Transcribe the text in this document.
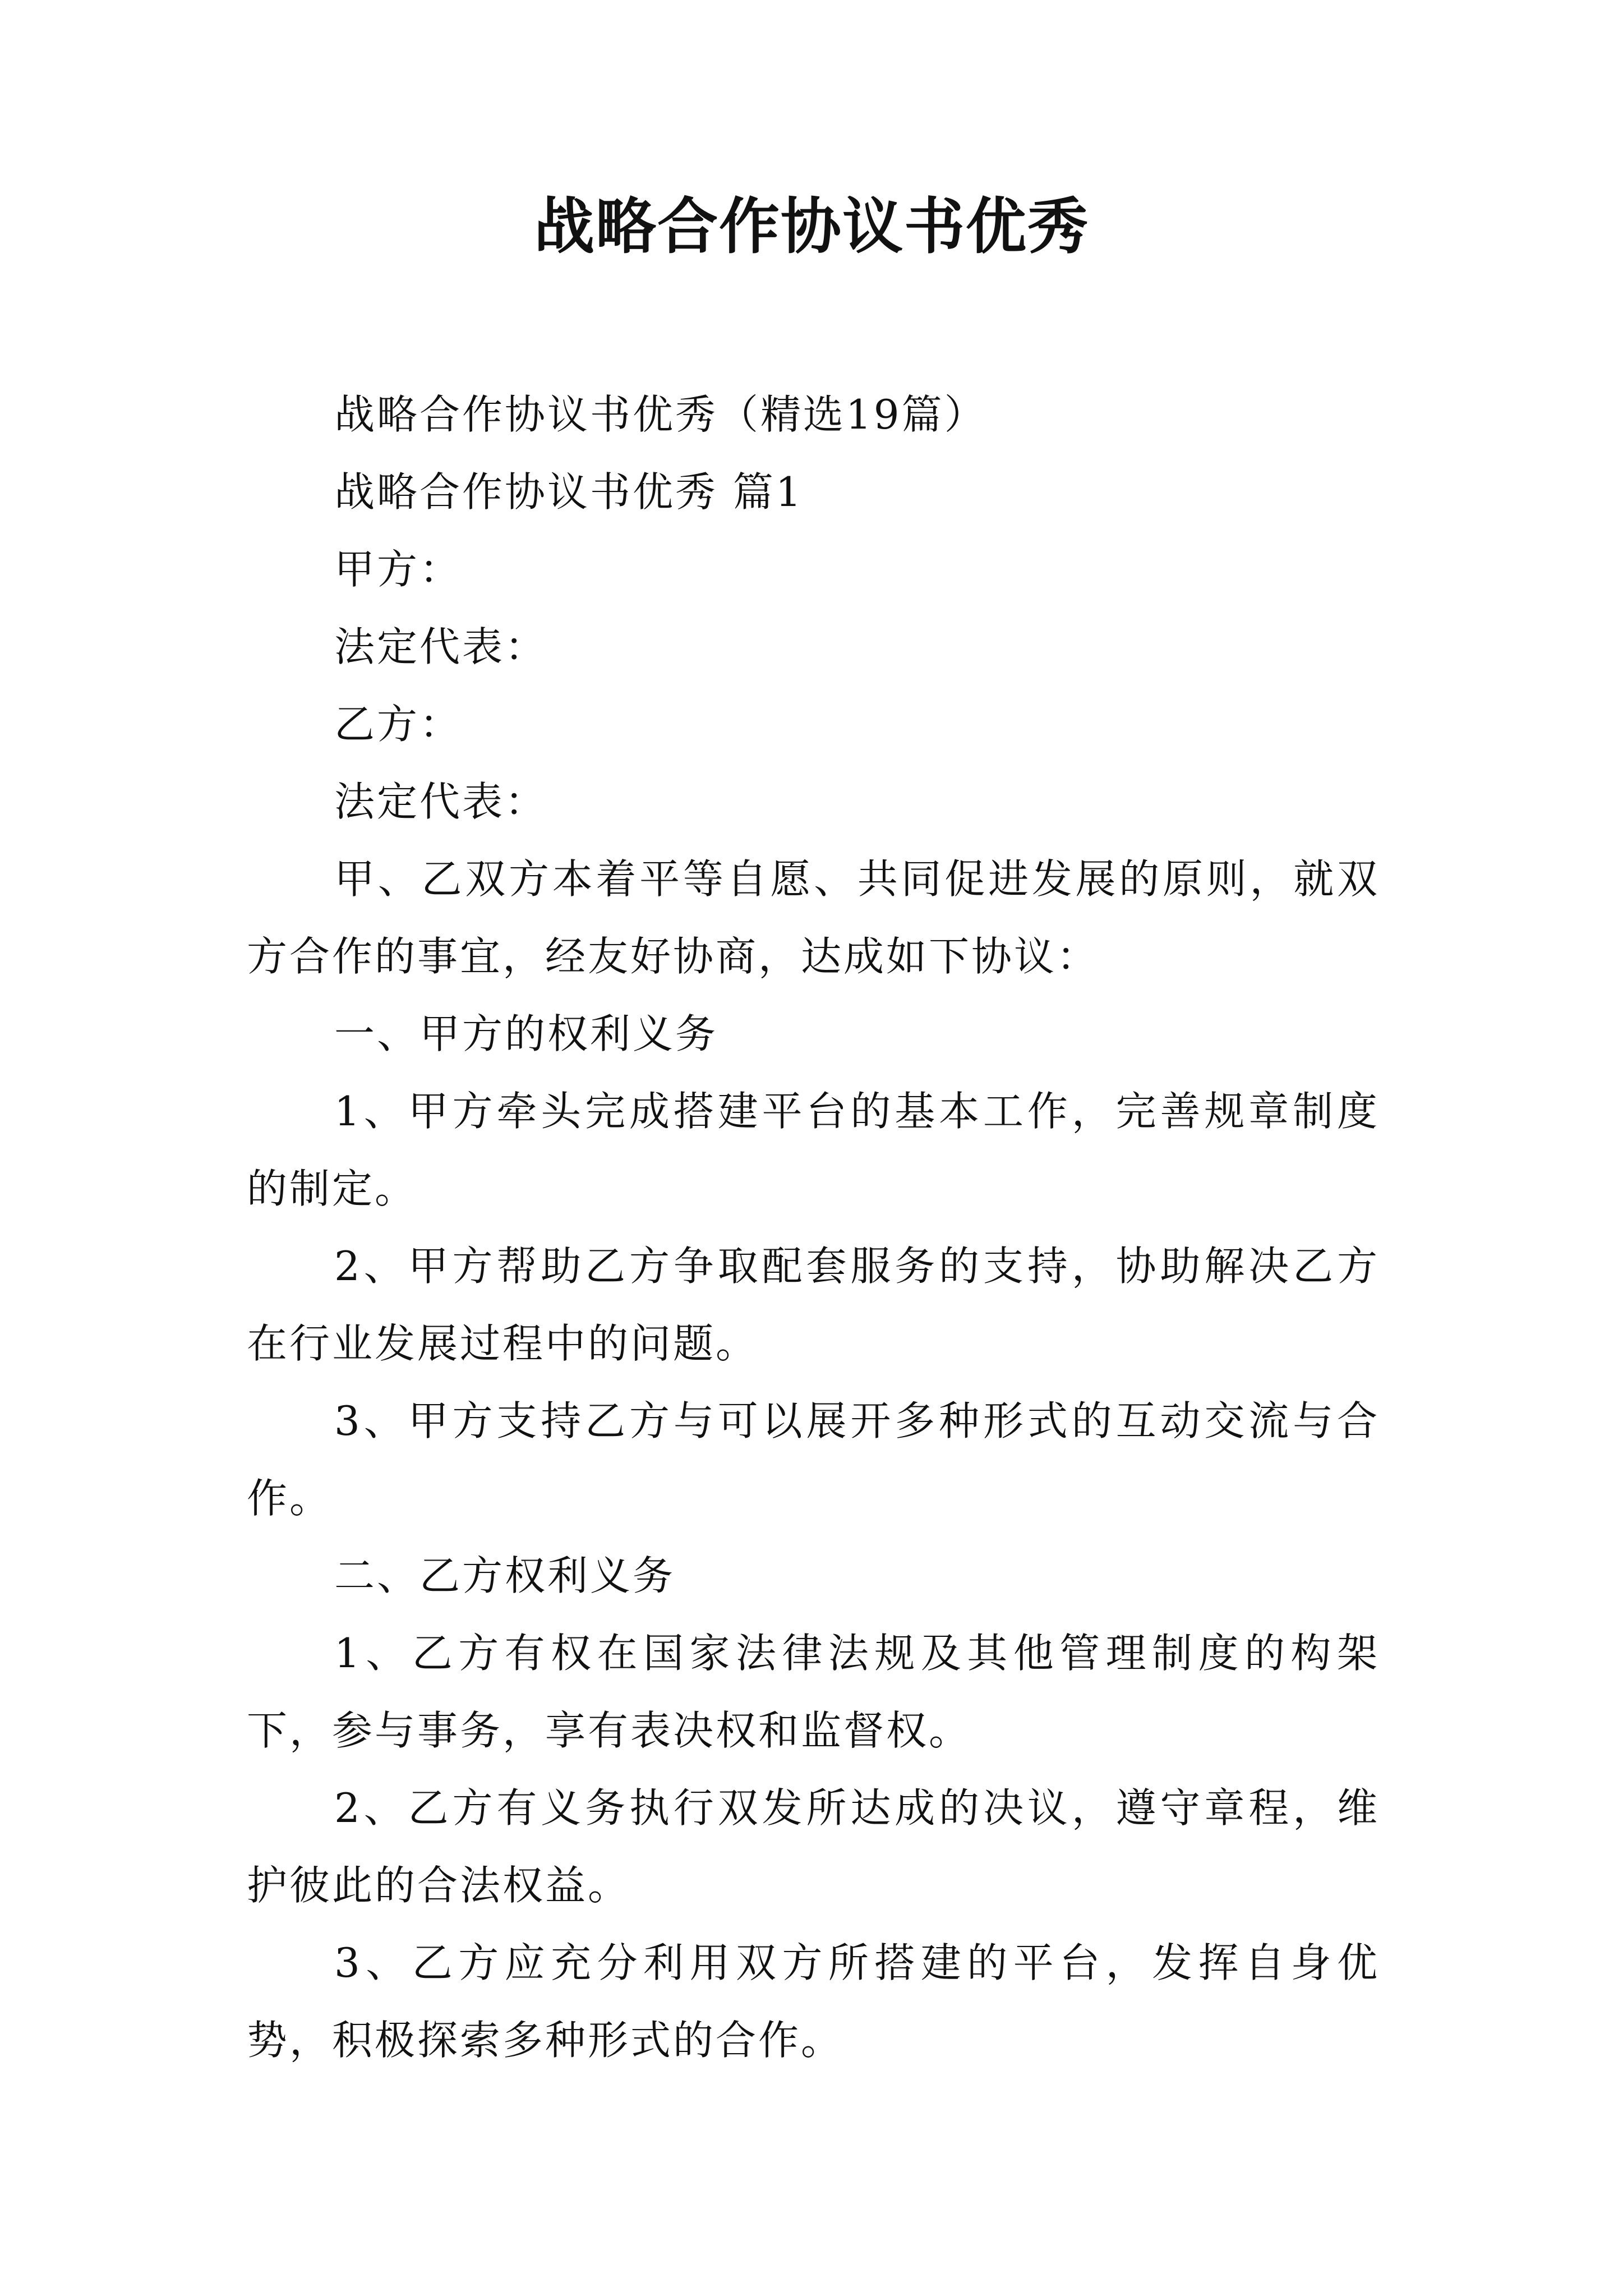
战略合作协议书优秀

战略合作协议书优秀（精选19篇）

战略合作协议书优秀 篇1

甲方：

法定代表：

乙方：

法定代表：

甲、乙双方本着平等自愿、共同促进发展的原则，就双方合作的事宜，经友好协商，达成如下协议：

一、甲方的权利义务

1、甲方牵头完成搭建平台的基本工作，完善规章制度的制定。

2、甲方帮助乙方争取配套服务的支持，协助解决乙方在行业发展过程中的问题。

3、甲方支持乙方与可以展开多种形式的互动交流与合作。

二、乙方权利义务

1、乙方有权在国家法律法规及其他管理制度的构架下，参与事务，享有表决权和监督权。

2、乙方有义务执行双发所达成的决议，遵守章程，维护彼此的合法权益。

3、乙方应充分利用双方所搭建的平台，发挥自身优势，积极探索多种形式的合作。
